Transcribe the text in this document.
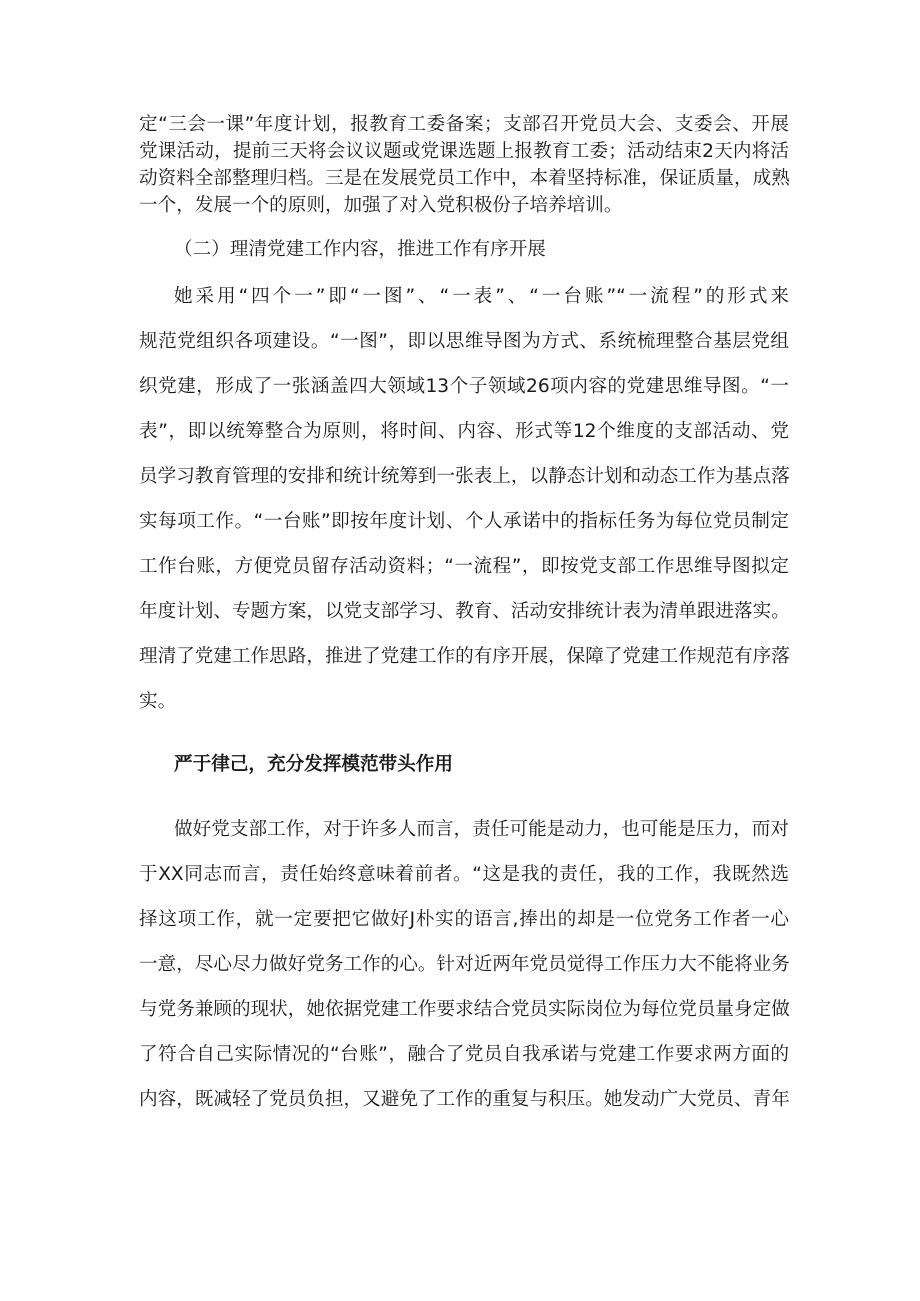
定“三会一课”年度计划，报教育工委备案；支部召开党员大会、支委会、开展
党课活动，提前三天将会议议题或党课选题上报教育工委；活动结束2天内将活
动资料全部整理归档。三是在发展党员工作中，本着坚持标准，保证质量，成熟
一个，发展一个的原则，加强了对入党积极份子培养培训。
（二）理清党建工作内容，推进工作有序开展
她采用“四个一”即“一图”、“一表”、“一台账”“一流程”的形式来
规范党组织各项建设。“一图”，即以思维导图为方式、系统梳理整合基层党组
织党建，形成了一张涵盖四大领域13个子领域26项内容的党建思维导图。“一
表”，即以统筹整合为原则，将时间、内容、形式等12个维度的支部活动、党
员学习教育管理的安排和统计统筹到一张表上，以静态计划和动态工作为基点落
实每项工作。“一台账”即按年度计划、个人承诺中的指标任务为每位党员制定
工作台账，方便党员留存活动资料；“一流程”，即按党支部工作思维导图拟定
年度计划、专题方案，以党支部学习、教育、活动安排统计表为清单跟进落实。
理清了党建工作思路，推进了党建工作的有序开展，保障了党建工作规范有序落
实。
严于律己，充分发挥模范带头作用
做好党支部工作，对于许多人而言，责任可能是动力，也可能是压力，而对
于XX同志而言，责任始终意味着前者。“这是我的责任，我的工作，我既然选
择这项工作，就一定要把它做好J朴实的语言,捧出的却是一位党务工作者一心
一意，尽心尽力做好党务工作的心。针对近两年党员觉得工作压力大不能将业务
与党务兼顾的现状，她依据党建工作要求结合党员实际岗位为每位党员量身定做
了符合自己实际情况的“台账”，融合了党员自我承诺与党建工作要求两方面的
内容，既减轻了党员负担，又避免了工作的重复与积压。她发动广大党员、青年
